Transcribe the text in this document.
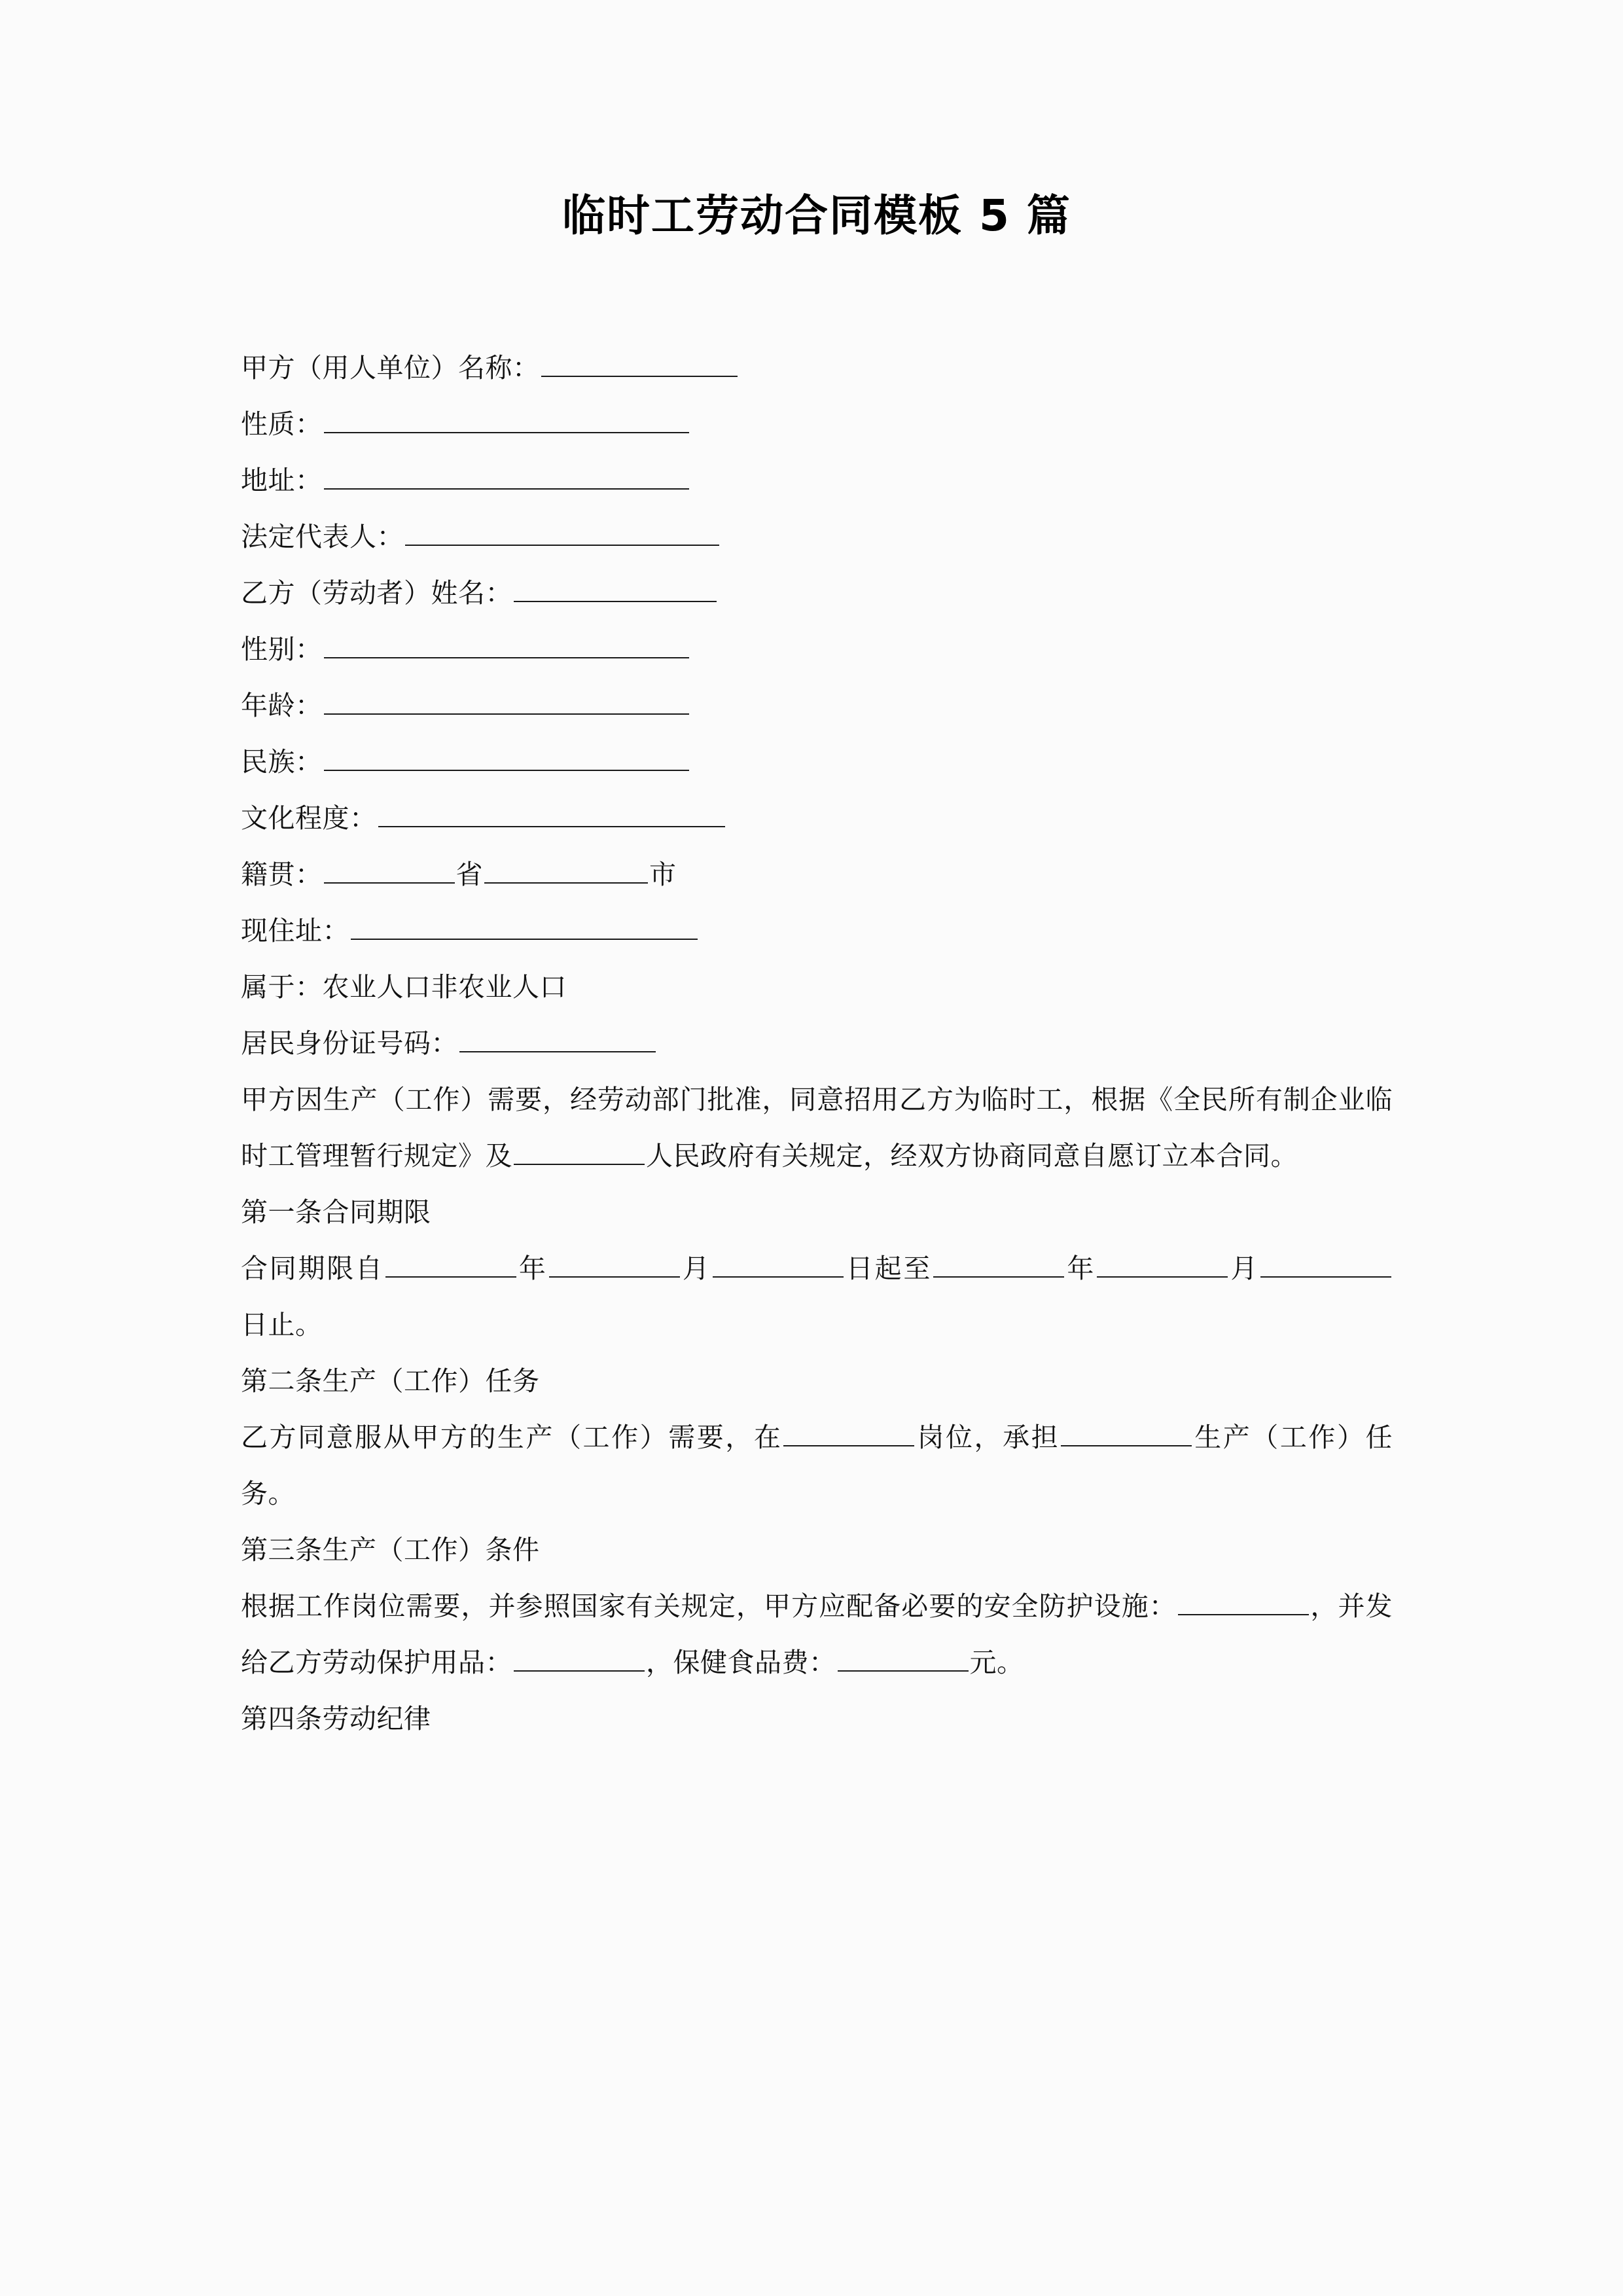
临时工劳动合同模板 5 篇
甲方（用人单位）名称：
性质：
地址：
法定代表人：
乙方（劳动者）姓名：
性别：
年龄：
民族：
文化程度：
籍贯：	省	市
现住址：
属于：农业人口非农业人口
居民身份证号码：

甲方因生产（工作）需要，经劳动部门批准，同意招用乙方为临时工，根据《全民所有制企业临时工管理暂行规定》及	人民政府有关规定，经双方协商同意自愿订立本合同。

第一条合同期限

合同期限自	年	月	日起至	年	月日止。

第二条生产（工作）任务

乙方同意服从甲方的生产（工作）需要，在	岗位，承担	生产（工作）任务。

第三条生产（工作）条件

根据工作岗位需要，并参照国家有关规定，甲方应配备必要的安全防护设施：	，并发给乙方劳动保护用品：	，保健食品费：	元。

第四条劳动纪律
